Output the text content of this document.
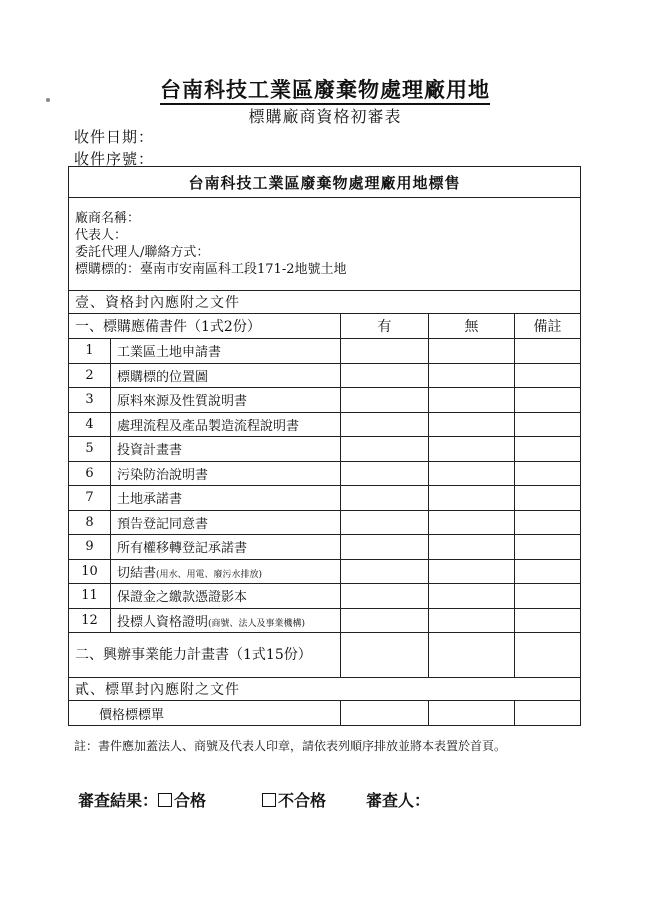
台南科技工業區廢棄物處理廠用地
標購廠商資格初審表
收件日期：
收件序號：
台南科技工業區廢棄物處理廠用地標售				

廠商名稱：
代表人：
委託代理人/聯絡方式：
標購標的：臺南市安南區科工段171-2地號土地				

壹、資格封內應附之文件				
一、標購應備書件（1式2份）		有	無	備註
1	工業區土地申請書			
2	標購標的位置圖			
3	原料來源及性質說明書			
4	處理流程及產品製造流程說明書			
5	投資計畫書			
6	污染防治說明書			
7	土地承諾書			
8	預告登記同意書			
9	所有權移轉登記承諾書			
10	切結書(用水、用電、廢污水排放)			
11	保證金之繳款憑證影本			
12	投標人資格證明(商號、法人及事業機構)			
二、興辦事業能力計畫書（1式15份）				
貳、標單封內應附之文件				
價格標標單				
註：書件應加蓋法人、商號及代表人印章，請依表列順序排放並將本表置於首頁。
審查結果： 合格	不合格	審查人：
